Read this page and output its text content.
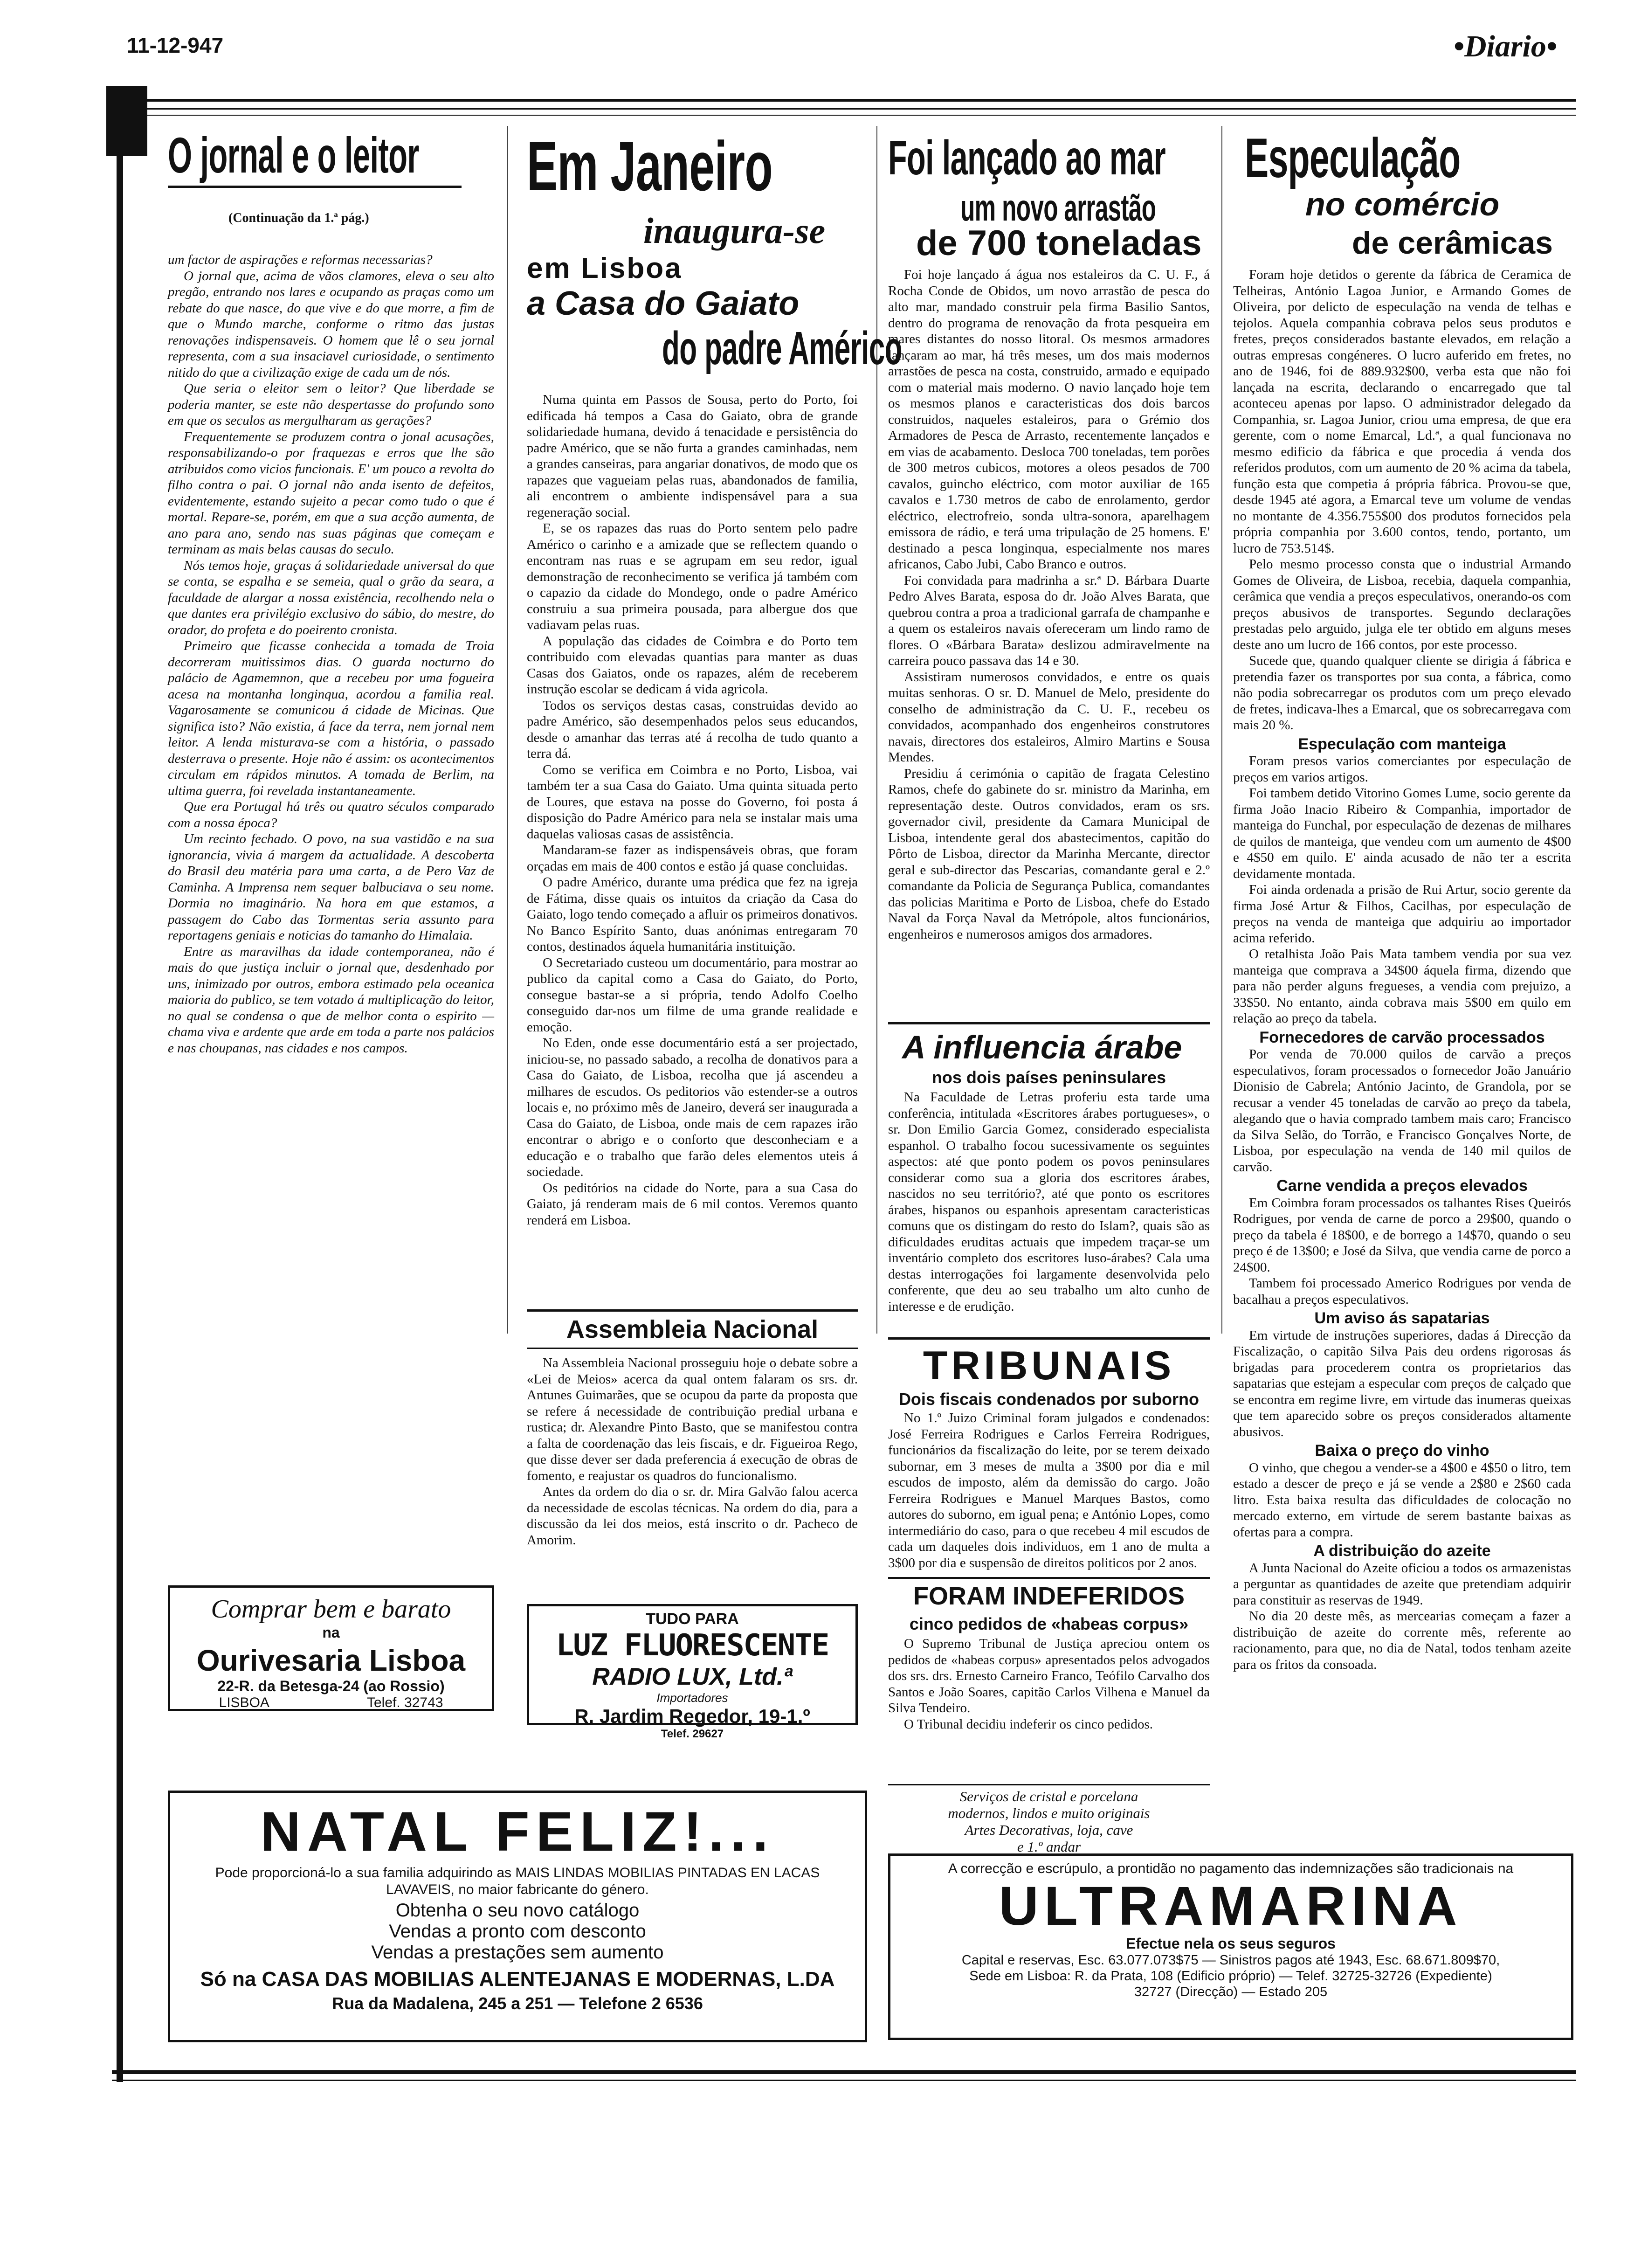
11-12-947	•Diario•
O jornal e o leitor
(Continuação da 1.ª pág.)

um factor de aspirações e reformas necessarias?

O jornal que, acima de vãos clamores, eleva o seu alto pregão, entrando nos lares e ocupando as praças como um rebate do que nasce, do que vive e do que morre, a fim de que o Mundo marche, conforme o ritmo das justas renovações indispensaveis. O homem que lê o seu jornal representa, com a sua insaciavel curiosidade, o sentimento nitido do que a civilização exige de cada um de nós.

Que seria o eleitor sem o leitor? Que liberdade se poderia manter, se este não despertasse do profundo sono em que os seculos as mergulharam as gerações?

Frequentemente se produzem contra o jonal acusações, responsabilizando-o por fraquezas e erros que lhe são atribuidos como vicios funcionais. E' um pouco a revolta do filho contra o pai. O jornal não anda isento de defeitos, evidentemente, estando sujeito a pecar como tudo o que é mortal. Repare-se, porém, em que a sua acção aumenta, de ano para ano, sendo nas suas páginas que começam e terminam as mais belas causas do seculo.

Nós temos hoje, graças á solidariedade universal do que se conta, se espalha e se semeia, qual o grão da seara, a faculdade de alargar a nossa existência, recolhendo nela o que dantes era privilégio exclusivo do sábio, do mestre, do orador, do profeta e do poeirento cronista.

Primeiro que ficasse conhecida a tomada de Troia decorreram muitissimos dias. O guarda nocturno do palácio de Agamemnon, que a recebeu por uma fogueira acesa na montanha longinqua, acordou a familia real. Vagarosamente se comunicou á cidade de Micinas. Que significa isto? Não existia, á face da terra, nem jornal nem leitor. A lenda misturava-se com a história, o passado desterrava o presente. Hoje não é assim: os acontecimentos circulam em rápidos minutos. A tomada de Berlim, na ultima guerra, foi revelada instantaneamente.

Que era Portugal há três ou quatro séculos comparado com a nossa época?

Um recinto fechado. O povo, na sua vastidão e na sua ignorancia, vivia á margem da actualidade. A descoberta do Brasil deu matéria para uma carta, a de Pero Vaz de Caminha. A Imprensa nem sequer balbuciava o seu nome. Dormia no imaginário. Na hora em que estamos, a passagem do Cabo das Tormentas seria assunto para reportagens geniais e noticias do tamanho do Himalaia.

Entre as maravilhas da idade contemporanea, não é mais do que justiça incluir o jornal que, desdenhado por uns, inimizado por outros, embora estimado pela oceanica maioria do publico, se tem votado á multiplicação do leitor, no qual se condensa o que de melhor conta o espirito — chama viva e ardente que arde em toda a parte nos palácios e nas choupanas, nas cidades e nos campos.

Comprar bem e barato
na
Ourivesaria Lisboa
22-R. da Betesga-24 (ao Rossio)
LISBOA	Telef. 32743
Em Janeiro
inaugura-se
em Lisboa
a Casa do Gaiato
do padre Américo

Numa quinta em Passos de Sousa, perto do Porto, foi edificada há tempos a Casa do Gaiato, obra de grande solidariedade humana, devido á tenacidade e persistência do padre Américo, que se não furta a grandes caminhadas, nem a grandes canseiras, para angariar donativos, de modo que os rapazes que vagueiam pelas ruas, abandonados de familia, ali encontrem o ambiente indispensável para a sua regeneração social.

E, se os rapazes das ruas do Porto sentem pelo padre Américo o carinho e a amizade que se reflectem quando o encontram nas ruas e se agrupam em seu redor, igual demonstração de reconhecimento se verifica já também com o capazio da cidade do Mondego, onde o padre Américo construiu a sua primeira pousada, para albergue dos que vadiavam pelas ruas.

A população das cidades de Coimbra e do Porto tem contribuido com elevadas quantias para manter as duas Casas dos Gaiatos, onde os rapazes, além de receberem instrução escolar se dedicam á vida agricola.

Todos os serviços destas casas, construidas devido ao padre Américo, são desempenhados pelos seus educandos, desde o amanhar das terras até á recolha de tudo quanto a terra dá.

Como se verifica em Coimbra e no Porto, Lisboa, vai também ter a sua Casa do Gaiato. Uma quinta situada perto de Loures, que estava na posse do Governo, foi posta á disposição do Padre Américo para nela se instalar mais uma daquelas valiosas casas de assistência.

Mandaram-se fazer as indispensáveis obras, que foram orçadas em mais de 400 contos e estão já quase concluidas.

O padre Américo, durante uma prédica que fez na igreja de Fátima, disse quais os intuitos da criação da Casa do Gaiato, logo tendo começado a afluir os primeiros donativos. No Banco Espírito Santo, duas anónimas entregaram 70 contos, destinados áquela humanitária instituição.

O Secretariado custeou um documentário, para mostrar ao publico da capital como a Casa do Gaiato, do Porto, consegue bastar-se a si própria, tendo Adolfo Coelho conseguido dar-nos um filme de uma grande realidade e emoção.

No Eden, onde esse documentário está a ser projectado, iniciou-se, no passado sabado, a recolha de donativos para a Casa do Gaiato, de Lisboa, recolha que já ascendeu a milhares de escudos. Os peditorios vão estender-se a outros locais e, no próximo mês de Janeiro, deverá ser inaugurada a Casa do Gaiato, de Lisboa, onde mais de cem rapazes irão encontrar o abrigo e o conforto que desconheciam e a educação e o trabalho que farão deles elementos uteis á sociedade.

Os peditórios na cidade do Norte, para a sua Casa do Gaiato, já renderam mais de 6 mil contos. Veremos quanto renderá em Lisboa.

Assembleia Nacional

Na Assembleia Nacional prosseguiu hoje o debate sobre a «Lei de Meios» acerca da qual ontem falaram os srs. dr. Antunes Guimarães, que se ocupou da parte da proposta que se refere á necessidade de contribuição predial urbana e rustica; dr. Alexandre Pinto Basto, que se manifestou contra a falta de coordenação das leis fiscais, e dr. Figueiroa Rego, que disse dever ser dada preferencia á execução de obras de fomento, e reajustar os quadros do funcionalismo.

Antes da ordem do dia o sr. dr. Mira Galvão falou acerca da necessidade de escolas técnicas. Na ordem do dia, para a discussão da lei dos meios, está inscrito o dr. Pacheco de Amorim.

TUDO PARA
LUZ FLUORESCENTE
RADIO LUX, Ltd.ª
Importadores
R. Jardim Regedor, 19-1.º
Telef. 29627
Foi lançado ao mar
um novo arrastão
de 700 toneladas

Foi hoje lançado á água nos estaleiros da C. U. F., á Rocha Conde de Obidos, um novo arrastão de pesca do alto mar, mandado construir pela firma Basilio Santos, dentro do programa de renovação da frota pesqueira em mares distantes do nosso litoral. Os mesmos armadores lançaram ao mar, há três meses, um dos mais modernos arrastões de pesca na costa, construido, armado e equipado com o material mais moderno. O navio lançado hoje tem os mesmos planos e caracteristicas dos dois barcos construidos, naqueles estaleiros, para o Grémio dos Armadores de Pesca de Arrasto, recentemente lançados e em vias de acabamento. Desloca 700 toneladas, tem porões de 300 metros cubicos, motores a oleos pesados de 700 cavalos, guincho eléctrico, com motor auxiliar de 165 cavalos e 1.730 metros de cabo de enrolamento, gerdor eléctrico, electrofreio, sonda ultra-sonora, aparelhagem emissora de rádio, e terá uma tripulação de 25 homens. E' destinado a pesca longinqua, especialmente nos mares africanos, Cabo Jubi, Cabo Branco e outros.

Foi convidada para madrinha a sr.ª D. Bárbara Duarte Pedro Alves Barata, esposa do dr. João Alves Barata, que quebrou contra a proa a tradicional garrafa de champanhe e a quem os estaleiros navais ofereceram um lindo ramo de flores. O «Bárbara Barata» deslizou admiravelmente na carreira pouco passava das 14 e 30.

Assistiram numerosos convidados, e entre os quais muitas senhoras. O sr. D. Manuel de Melo, presidente do conselho de administração da C. U. F., recebeu os convidados, acompanhado dos engenheiros construtores navais, directores dos estaleiros, Almiro Martins e Sousa Mendes.

Presidiu á cerimónia o capitão de fragata Celestino Ramos, chefe do gabinete do sr. ministro da Marinha, em representação deste. Outros convidados, eram os srs. governador civil, presidente da Camara Municipal de Lisboa, intendente geral dos abastecimentos, capitão do Pôrto de Lisboa, director da Marinha Mercante, director geral e sub-director das Pescarias, comandante geral e 2.º comandante da Policia de Segurança Publica, comandantes das policias Maritima e Porto de Lisboa, chefe do Estado Naval da Força Naval da Metrópole, altos funcionários, engenheiros e numerosos amigos dos armadores.

A influencia árabe
nos dois países peninsulares

Na Faculdade de Letras proferiu esta tarde uma conferência, intitulada «Escritores árabes portugueses», o sr. Don Emilio Garcia Gomez, considerado especialista espanhol. O trabalho focou sucessivamente os seguintes aspectos: até que ponto podem os povos peninsulares considerar como sua a gloria dos escritores árabes, nascidos no seu território?, até que ponto os escritores árabes, hispanos ou espanhois apresentam caracteristicas comuns que os distingam do resto do Islam?, quais são as dificuldades eruditas actuais que impedem traçar-se um inventário completo dos escritores luso-árabes? Cala uma destas interrogações foi largamente desenvolvida pelo conferente, que deu ao seu trabalho um alto cunho de interesse e de erudição.

TRIBUNAIS
Dois fiscais condenados por suborno

No 1.º Juizo Criminal foram julgados e condenados: José Ferreira Rodrigues e Carlos Ferreira Rodrigues, funcionários da fiscalização do leite, por se terem deixado subornar, em 3 meses de multa a 3$00 por dia e mil escudos de imposto, além da demissão do cargo. João Ferreira Rodrigues e Manuel Marques Bastos, como autores do suborno, em igual pena; e António Lopes, como intermediário do caso, para o que recebeu 4 mil escudos de cada um daqueles dois individuos, em 1 ano de multa a 3$00 por dia e suspensão de direitos politicos por 2 anos.

FORAM INDEFERIDOS
cinco pedidos de «habeas corpus»

O Supremo Tribunal de Justiça apreciou ontem os pedidos de «habeas corpus» apresentados pelos advogados dos srs. drs. Ernesto Carneiro Franco, Teófilo Carvalho dos Santos e João Soares, capitão Carlos Vilhena e Manuel da Silva Tendeiro.

O Tribunal decidiu indeferir os cinco pedidos.

Serviços de cristal e porcelana
modernos, lindos e muito originais
Artes Decorativas, loja, cave
e 1.º andar
Especulação
no comércio
de cerâmicas

Foram hoje detidos o gerente da fábrica de Ceramica de Telheiras, António Lagoa Junior, e Armando Gomes de Oliveira, por delicto de especulação na venda de telhas e tejolos. Aquela companhia cobrava pelos seus produtos e fretes, preços considerados bastante elevados, em relação a outras empresas congéneres. O lucro auferido em fretes, no ano de 1946, foi de 889.932$00, verba esta que não foi lançada na escrita, declarando o encarregado que tal aconteceu apenas por lapso. O administrador delegado da Companhia, sr. Lagoa Junior, criou uma empresa, de que era gerente, com o nome Emarcal, Ld.ª, a qual funcionava no mesmo edificio da fábrica e que procedia á venda dos referidos produtos, com um aumento de 20 % acima da tabela, função esta que competia á própria fábrica. Provou-se que, desde 1945 até agora, a Emarcal teve um volume de vendas no montante de 4.356.755$00 dos produtos fornecidos pela própria companhia por 3.600 contos, tendo, portanto, um lucro de 753.514$.

Pelo mesmo processo consta que o industrial Armando Gomes de Oliveira, de Lisboa, recebia, daquela companhia, cerâmica que vendia a preços especulativos, onerando-os com preços abusivos de transportes. Segundo declarações prestadas pelo arguido, julga ele ter obtido em alguns meses deste ano um lucro de 166 contos, por este processo.

Sucede que, quando qualquer cliente se dirigia á fábrica e pretendia fazer os transportes por sua conta, a fábrica, como não podia sobrecarregar os produtos com um preço elevado de fretes, indicava-lhes a Emarcal, que os sobrecarregava com mais 20 %.

Especulação com manteiga

Foram presos varios comerciantes por especulação de preços em varios artigos.

Foi tambem detido Vitorino Gomes Lume, socio gerente da firma João Inacio Ribeiro & Companhia, importador de manteiga do Funchal, por especulação de dezenas de milhares de quilos de manteiga, que vendeu com um aumento de 4$00 e 4$50 em quilo. E' ainda acusado de não ter a escrita devidamente montada.

Foi ainda ordenada a prisão de Rui Artur, socio gerente da firma José Artur & Filhos, Cacilhas, por especulação de preços na venda de manteiga que adquiriu ao importador acima referido.

O retalhista João Pais Mata tambem vendia por sua vez manteiga que comprava a 34$00 áquela firma, dizendo que para não perder alguns fregueses, a vendia com prejuizo, a 33$50. No entanto, ainda cobrava mais 5$00 em quilo em relação ao preço da tabela.

Fornecedores de carvão processados

Por venda de 70.000 quilos de carvão a preços especulativos, foram processados o fornecedor João Januário Dionisio de Cabrela; António Jacinto, de Grandola, por se recusar a vender 45 toneladas de carvão ao preço da tabela, alegando que o havia comprado tambem mais caro; Francisco da Silva Selão, do Torrão, e Francisco Gonçalves Norte, de Lisboa, por especulação na venda de 140 mil quilos de carvão.

Carne vendida a preços elevados

Em Coimbra foram processados os talhantes Rises Queirós Rodrigues, por venda de carne de porco a 29$00, quando o preço da tabela é 18$00, e de borrego a 14$70, quando o seu preço é de 13$00; e José da Silva, que vendia carne de porco a 24$00.

Tambem foi processado Americo Rodrigues por venda de bacalhau a preços especulativos.

Um aviso ás sapatarias

Em virtude de instruções superiores, dadas á Direcção da Fiscalização, o capitão Silva Pais deu ordens rigorosas ás brigadas para procederem contra os proprietarios das sapatarias que estejam a especular com preços de calçado que se encontra em regime livre, em virtude das inumeras queixas que tem aparecido sobre os preços considerados altamente abusivos.

Baixa o preço do vinho

O vinho, que chegou a vender-se a 4$00 e 4$50 o litro, tem estado a descer de preço e já se vende a 2$80 e 2$60 cada litro. Esta baixa resulta das dificuldades de colocação no mercado externo, em virtude de serem bastante baixas as ofertas para a compra.

A distribuição do azeite

A Junta Nacional do Azeite oficiou a todos os armazenistas a perguntar as quantidades de azeite que pretendiam adquirir para constituir as reservas de 1949.

No dia 20 deste mês, as mercearias começam a fazer a distribuição de azeite do corrente mês, referente ao racionamento, para que, no dia de Natal, todos tenham azeite para os fritos da consoada.

NATAL FELIZ!...
Pode proporcioná-lo a sua familia adquirindo as MAIS LINDAS MOBILIAS PINTADAS EN LACAS LAVAVEIS, no maior fabricante do género.
Obtenha o seu novo catálogo
Vendas a pronto com desconto
Vendas a prestações sem aumento
Só na CASA DAS MOBILIAS ALENTEJANAS E MODERNAS, L.DA
Rua da Madalena, 245 a 251 — Telefone 2 6536
A correcção e escrúpulo, a prontidão no pagamento das indemnizações são tradicionais na
ULTRAMARINA
Efectue nela os seus seguros
Capital e reservas, Esc. 63.077.073$75 — Sinistros pagos até 1943, Esc. 68.671.809$70,
Sede em Lisboa: R. da Prata, 108 (Edificio próprio) — Telef. 32725-32726 (Expediente)
32727 (Direcção) — Estado 205
